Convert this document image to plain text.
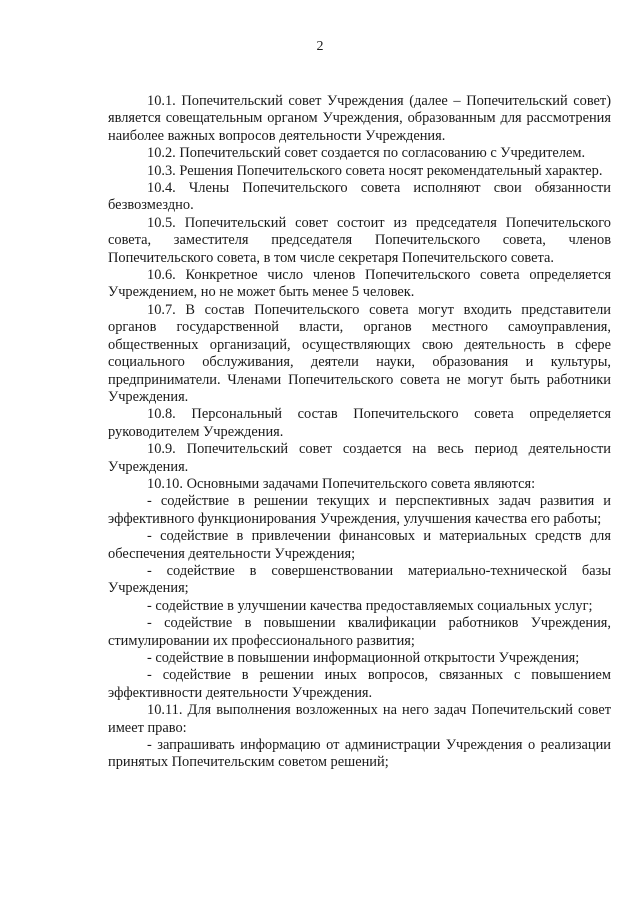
2

10.1. Попечительский совет Учреждения (далее – Попечительский совет) является совещательным органом Учреждения, образованным для рассмотрения наиболее важных вопросов деятельности Учреждения.

10.2. Попечительский совет создается по согласованию с Учредителем.

10.3. Решения Попечительского совета носят рекомендательный характер.

10.4. Члены Попечительского совета исполняют свои обязанности безвозмездно.

10.5. Попечительский совет состоит из председателя Попечительского совета, заместителя председателя Попечительского совета, членов Попечительского совета, в том числе секретаря Попечительского совета.

10.6. Конкретное число членов Попечительского совета определяется Учреждением, но не может быть менее 5 человек.

10.7. В состав Попечительского совета могут входить представители органов государственной власти, органов местного самоуправления, общественных организаций, осуществляющих свою деятельность в сфере социального обслуживания, деятели науки, образования и культуры, предприниматели. Членами Попечительского совета не могут быть работники Учреждения.

10.8. Персональный состав Попечительского совета определяется руководителем Учреждения.

10.9. Попечительский совет создается на весь период деятельности Учреждения.

10.10. Основными задачами Попечительского совета являются:

- содействие в решении текущих и перспективных задач развития и эффективного функционирования Учреждения, улучшения качества его работы;

- содействие в привлечении финансовых и материальных средств для обеспечения деятельности Учреждения;

- содействие в совершенствовании материально-технической базы Учреждения;

- содействие в улучшении качества предоставляемых социальных услуг;

- содействие в повышении квалификации работников Учреждения, стимулировании их профессионального развития;

- содействие в повышении информационной открытости Учреждения;

- содействие в решении иных вопросов, связанных с повышением эффективности деятельности Учреждения.

10.11. Для выполнения возложенных на него задач Попечительский совет имеет право:

- запрашивать информацию от администрации Учреждения о реализации принятых Попечительским советом решений;
